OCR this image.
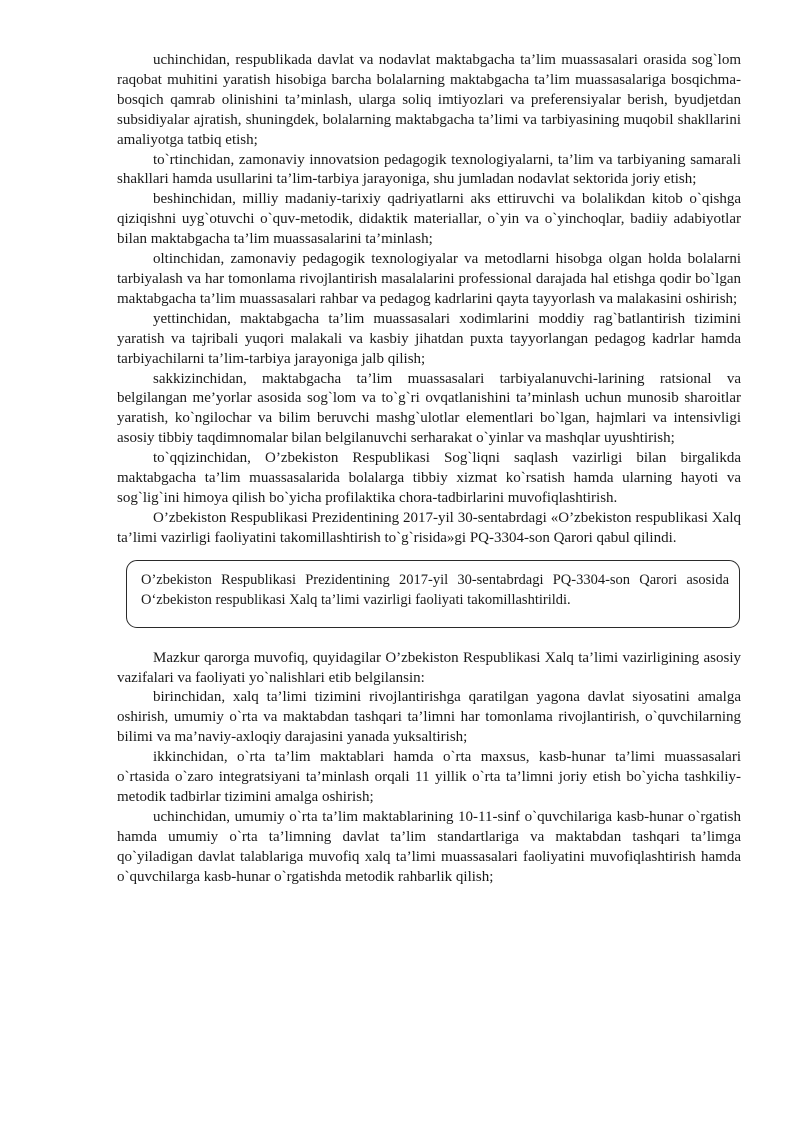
uchinchidan, respublikada davlat va nodavlat maktabgacha ta’lim muassasalari orasida sog`lom raqobat muhitini yaratish hisobiga barcha bolalarning maktabgacha ta’lim muassasalariga bosqichma-bosqich qamrab olinishini ta’minlash, ularga soliq imtiyozlari va preferensiyalar berish, byudjetdan subsidiyalar ajratish, shuningdek, bolalarning maktabgacha ta’limi va tarbiyasining muqobil shakllarini amaliyotga tatbiq etish;

to`rtinchidan, zamonaviy innovatsion pedagogik texnologiyalarni, ta’lim va tarbiyaning samarali shakllari hamda usullarini ta’lim-tarbiya jarayoniga, shu jumladan nodavlat sektorida joriy etish;

beshinchidan, milliy madaniy-tarixiy qadriyatlarni aks ettiruvchi va bolalikdan kitob o`qishga qiziqishni uyg`otuvchi o`quv-metodik, didaktik materiallar, o`yin va o`yinchoqlar, badiiy adabiyotlar bilan maktabgacha ta’lim muassasalarini ta’minlash;

oltinchidan, zamonaviy pedagogik texnologiyalar va metodlarni hisobga olgan holda bolalarni tarbiyalash va har tomonlama rivojlantirish masalalarini professional darajada hal etishga qodir bo`lgan maktabgacha ta’lim muassasalari rahbar va pedagog kadrlarini qayta tayyorlash va malakasini oshirish;

yettinchidan, maktabgacha ta’lim muassasalari xodimlarini moddiy rag`batlantirish tizimini yaratish va tajribali yuqori malakali va kasbiy jihatdan puxta tayyorlangan pedagog kadrlar hamda tarbiyachilarni ta’lim-tarbiya jarayoniga jalb qilish;

sakkizinchidan, maktabgacha ta’lim muassasalari tarbiyalanuvchi-larining ratsional va belgilangan me’yorlar asosida sog`lom va to`g`ri ovqatlanishini ta’minlash uchun munosib sharoitlar yaratish, ko`ngilochar va bilim beruvchi mashg`ulotlar elementlari bo`lgan, hajmlari va intensivligi asosiy tibbiy taqdimnomalar bilan belgilanuvchi serharakat o`yinlar va mashqlar uyushtirish;

to`qqizinchidan, O’zbekiston Respublikasi Sog`liqni saqlash vazirligi bilan birgalikda maktabgacha ta’lim muassasalarida bolalarga tibbiy xizmat ko`rsatish hamda ularning hayoti va sog`lig`ini himoya qilish bo`yicha profilaktika chora-tadbirlarini muvofiqlashtirish.

O’zbekiston Respublikasi Prezidentining 2017-yil 30-sentabrdagi «O’zbekiston respublikasi Xalq ta’limi vazirligi faoliyatini takomillashtirish to`g`risida»gi PQ-3304-son Qarori qabul qilindi.

O’zbekiston Respublikasi Prezidentining 2017-yil 30-sentabrdagi PQ-3304-son Qarori asosida O‘zbekiston respublikasi Xalq ta’limi vazirligi faoliyati takomillashtirildi.

Mazkur qarorga muvofiq, quyidagilar O’zbekiston Respublikasi Xalq ta’limi vazirligining asosiy vazifalari va faoliyati yo`nalishlari etib belgilansin:

birinchidan, xalq ta’limi tizimini rivojlantirishga qaratilgan yagona davlat siyosatini amalga oshirish, umumiy o`rta va maktabdan tashqari ta’limni har tomonlama rivojlantirish, o`quvchilarning bilimi va ma’naviy-axloqiy darajasini yanada yuksaltirish;

ikkinchidan, o`rta ta’lim maktablari hamda o`rta maxsus, kasb-hunar ta’limi muassasalari o`rtasida o`zaro integratsiyani ta’minlash orqali 11 yillik o`rta ta’limni joriy etish bo`yicha tashkiliy-metodik tadbirlar tizimini amalga oshirish;

uchinchidan, umumiy o`rta ta’lim maktablarining 10-11-sinf o`quvchilariga kasb-hunar o`rgatish hamda umumiy o`rta ta’limning davlat ta’lim standartlariga va maktabdan tashqari ta’limga qo`yiladigan davlat talablariga muvofiq xalq ta’limi muassasalari faoliyatini muvofiqlashtirish hamda o`quvchilarga kasb-hunar o`rgatishda metodik rahbarlik qilish;
